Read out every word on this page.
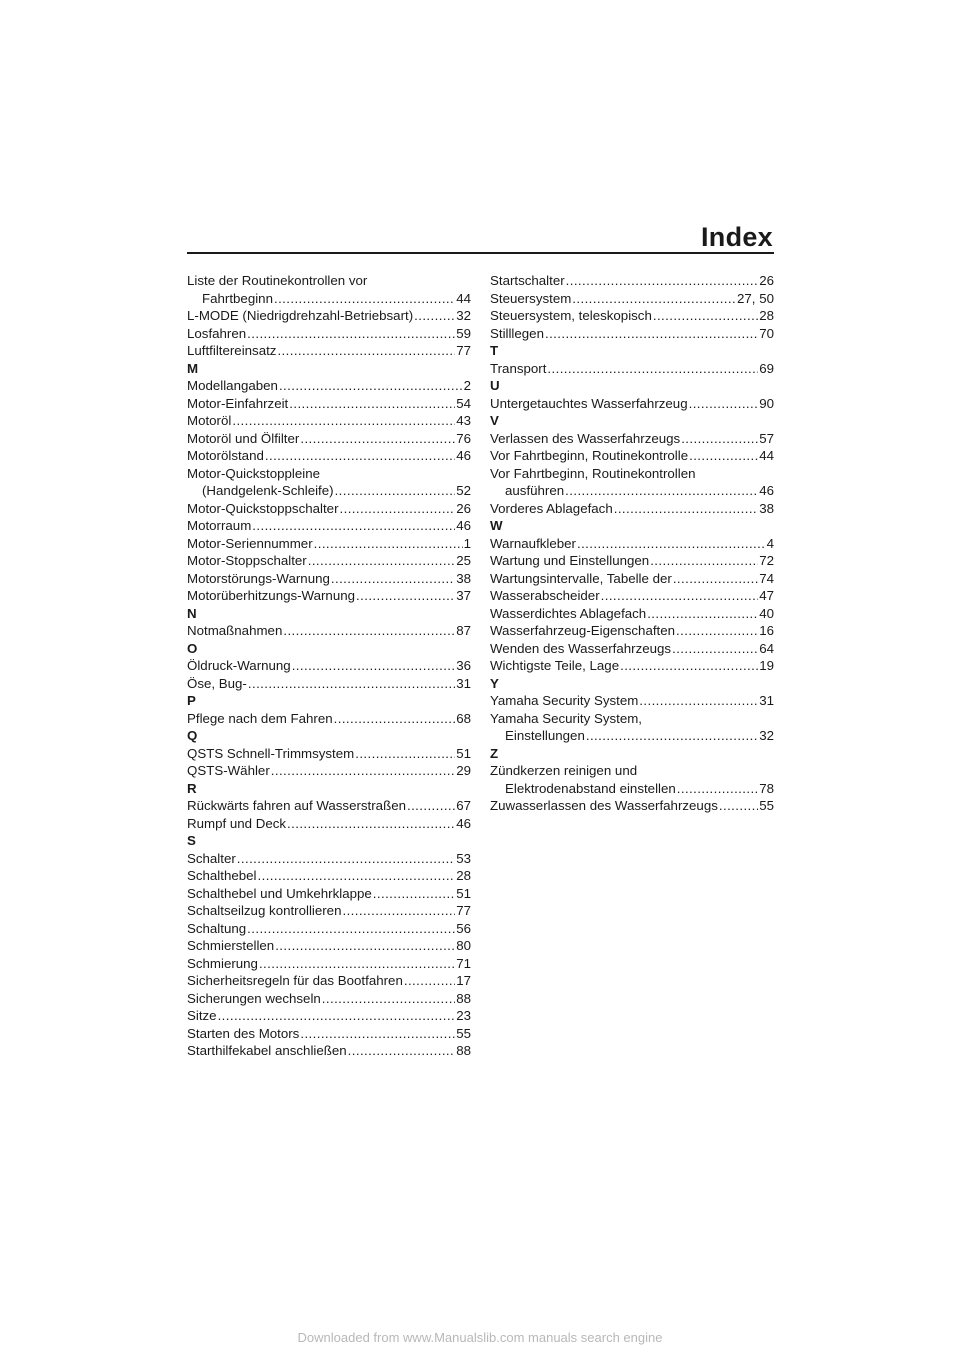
Index
Liste der Routinekontrollen vor
Fahrtbeginn .....	44
L-MODE (Niedrigdrehzahl-Betriebsart) .....	32
Losfahren .....	59
Luftfiltereinsatz .....	77
M
Modellangaben .....	2
Motor-Einfahrzeit .....	54
Motoröl .....	43
Motoröl und Ölfilter .....	76
Motorölstand .....	46
Motor-Quickstoppleine
(Handgelenk-Schleife) .....	52
Motor-Quickstoppschalter .....	26
Motorraum .....	46
Motor-Seriennummer .....	1
Motor-Stoppschalter .....	25
Motorstörungs-Warnung .....	38
Motorüberhitzungs-Warnung .....	37
N
Notmaßnahmen .....	87
O
Öldruck-Warnung .....	36
Öse, Bug- .....	31
P
Pflege nach dem Fahren .....	68
Q
QSTS Schnell-Trimmsystem .....	51
QSTS-Wähler .....	29
R
Rückwärts fahren auf Wasserstraßen .....	67
Rumpf und Deck .....	46
S
Schalter .....	53
Schalthebel .....	28
Schalthebel und Umkehrklappe .....	51
Schaltseilzug kontrollieren .....	77
Schaltung .....	56
Schmierstellen .....	80
Schmierung .....	71
Sicherheitsregeln für das Bootfahren .....	17
Sicherungen wechseln .....	88
Sitze .....	23
Starten des Motors .....	55
Starthilfekabel anschließen .....	88
Startschalter .....	26
Steuersystem .....	27, 50
Steuersystem, teleskopisch .....	28
Stilllegen .....	70
T
Transport .....	69
U
Untergetauchtes Wasserfahrzeug .....	90
V
Verlassen des Wasserfahrzeugs .....	57
Vor Fahrtbeginn, Routinekontrolle .....	44
Vor Fahrtbeginn, Routinekontrollen
ausführen .....	46
Vorderes Ablagefach .....	38
W
Warnaufkleber .....	4
Wartung und Einstellungen .....	72
Wartungsintervalle, Tabelle der .....	74
Wasserabscheider .....	47
Wasserdichtes Ablagefach .....	40
Wasserfahrzeug-Eigenschaften .....	16
Wenden des Wasserfahrzeugs .....	64
Wichtigste Teile, Lage .....	19
Y
Yamaha Security System .....	31
Yamaha Security System,
Einstellungen .....	32
Z
Zündkerzen reinigen und
Elektrodenabstand einstellen .....	78
Zuwasserlassen des Wasserfahrzeugs .....	55
Downloaded from www.Manualslib.com manuals search engine
